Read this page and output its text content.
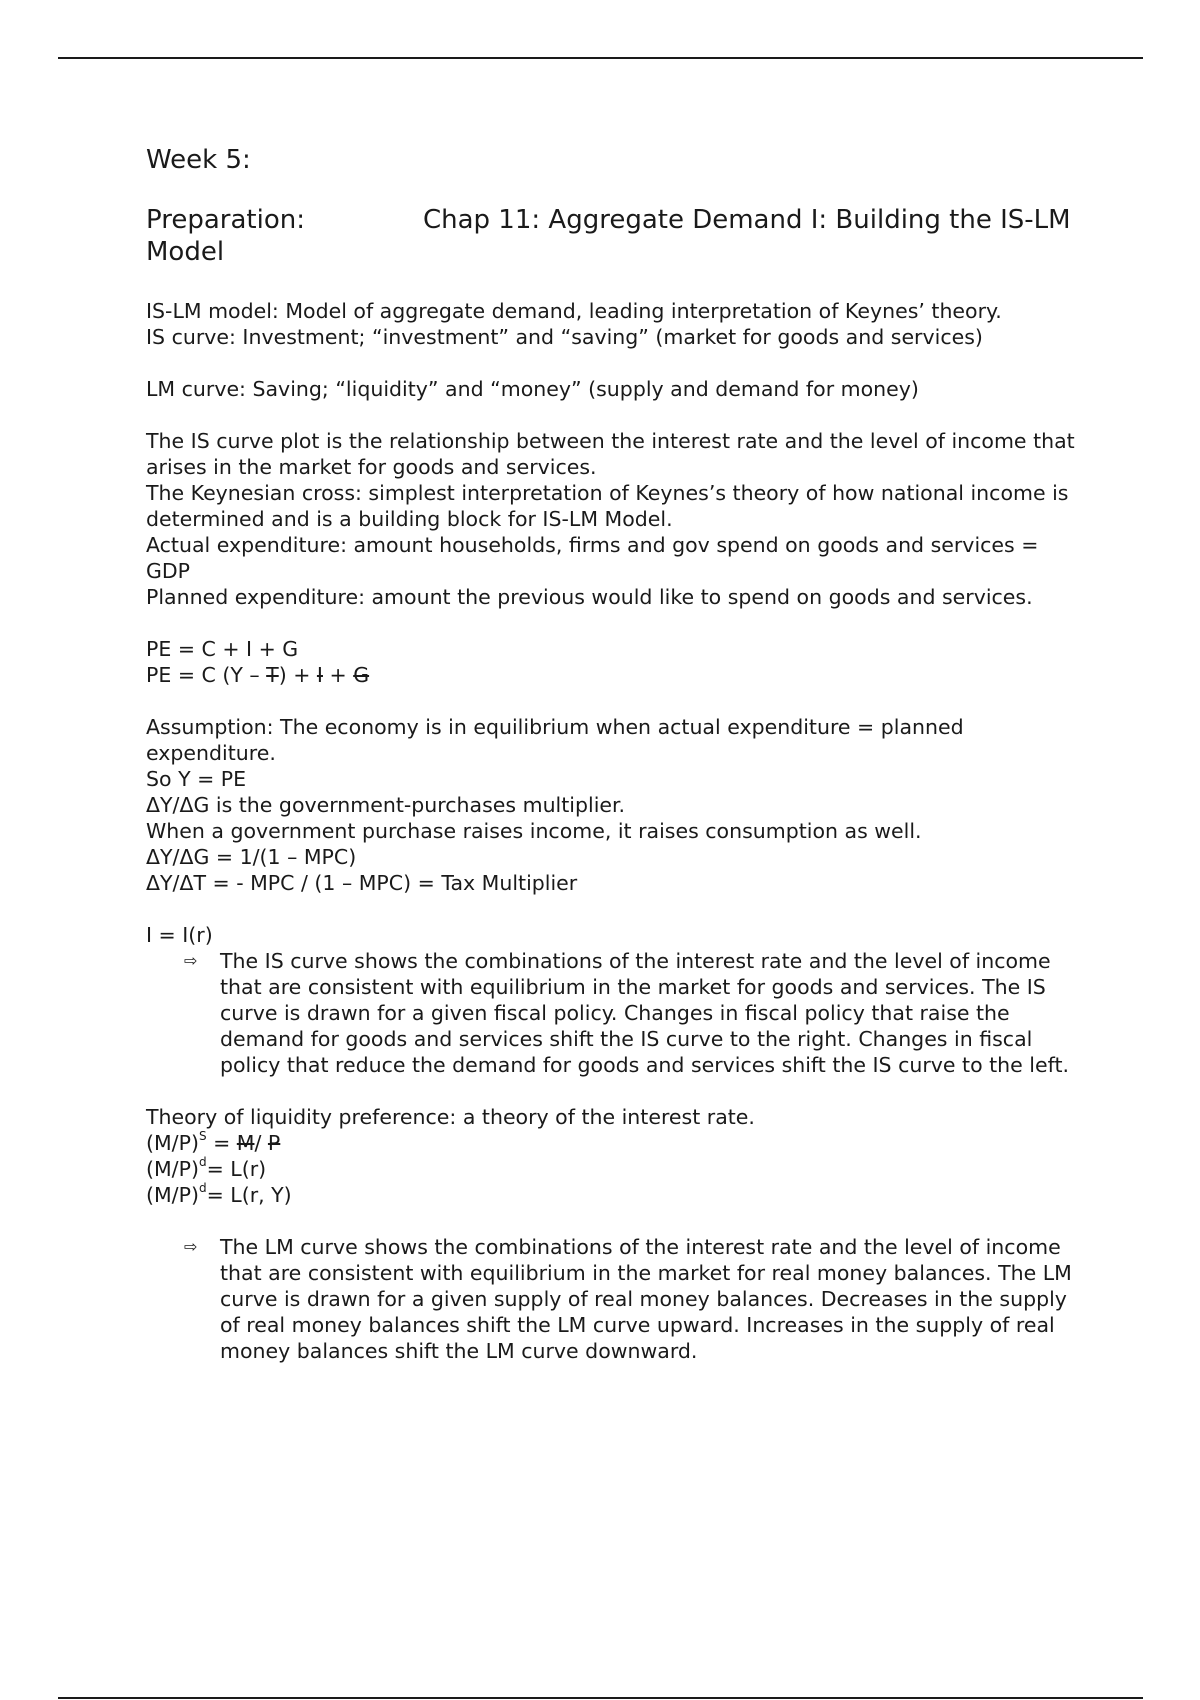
Week 5:
Preparation:	Chap 11: Aggregate Demand I: Building the IS-LM Model

IS-LM model: Model of aggregate demand, leading interpretation of Keynes’ theory.

IS curve: Investment; “investment” and “saving” (market for goods and services)

LM curve: Saving; “liquidity” and “money” (supply and demand for money)

The IS curve plot is the relationship between the interest rate and the level of income that arises in the market for goods and services.

The Keynesian cross: simplest interpretation of Keynes’s theory of how national income is determined and is a building block for IS-LM Model.

Actual expenditure: amount households, firms and gov spend on goods and services = GDP

Planned expenditure: amount the previous would like to spend on goods and services.

PE = C + I + G

PE = C (Y – T) + I + G

Assumption: The economy is in equilibrium when actual expenditure = planned expenditure.

So Y = PE

ΔY/ΔG is the government-purchases multiplier.

When a government purchase raises income, it raises consumption as well.

ΔY/ΔG = 1/(1 – MPC)

ΔY/ΔT = - MPC / (1 – MPC) = Tax Multiplier

I = I(r)

⇨	The IS curve shows the combinations of the interest rate and the level of income that are consistent with equilibrium in the market for goods and services. The IS curve is drawn for a given fiscal policy. Changes in fiscal policy that raise the demand for goods and services shift the IS curve to the right. Changes in fiscal policy that reduce the demand for goods and services shift the IS curve to the left.

Theory of liquidity preference: a theory of the interest rate.

$(M/P)^S = M/$ P

$(M/P)^d= L(r)$

$(M/P)^d= L(r$, Y)

⇨	The LM curve shows the combinations of the interest rate and the level of income that are consistent with equilibrium in the market for real money balances. The LM curve is drawn for a given supply of real money balances. Decreases in the supply of real money balances shift the LM curve upward. Increases in the supply of real money balances shift the LM curve downward.
